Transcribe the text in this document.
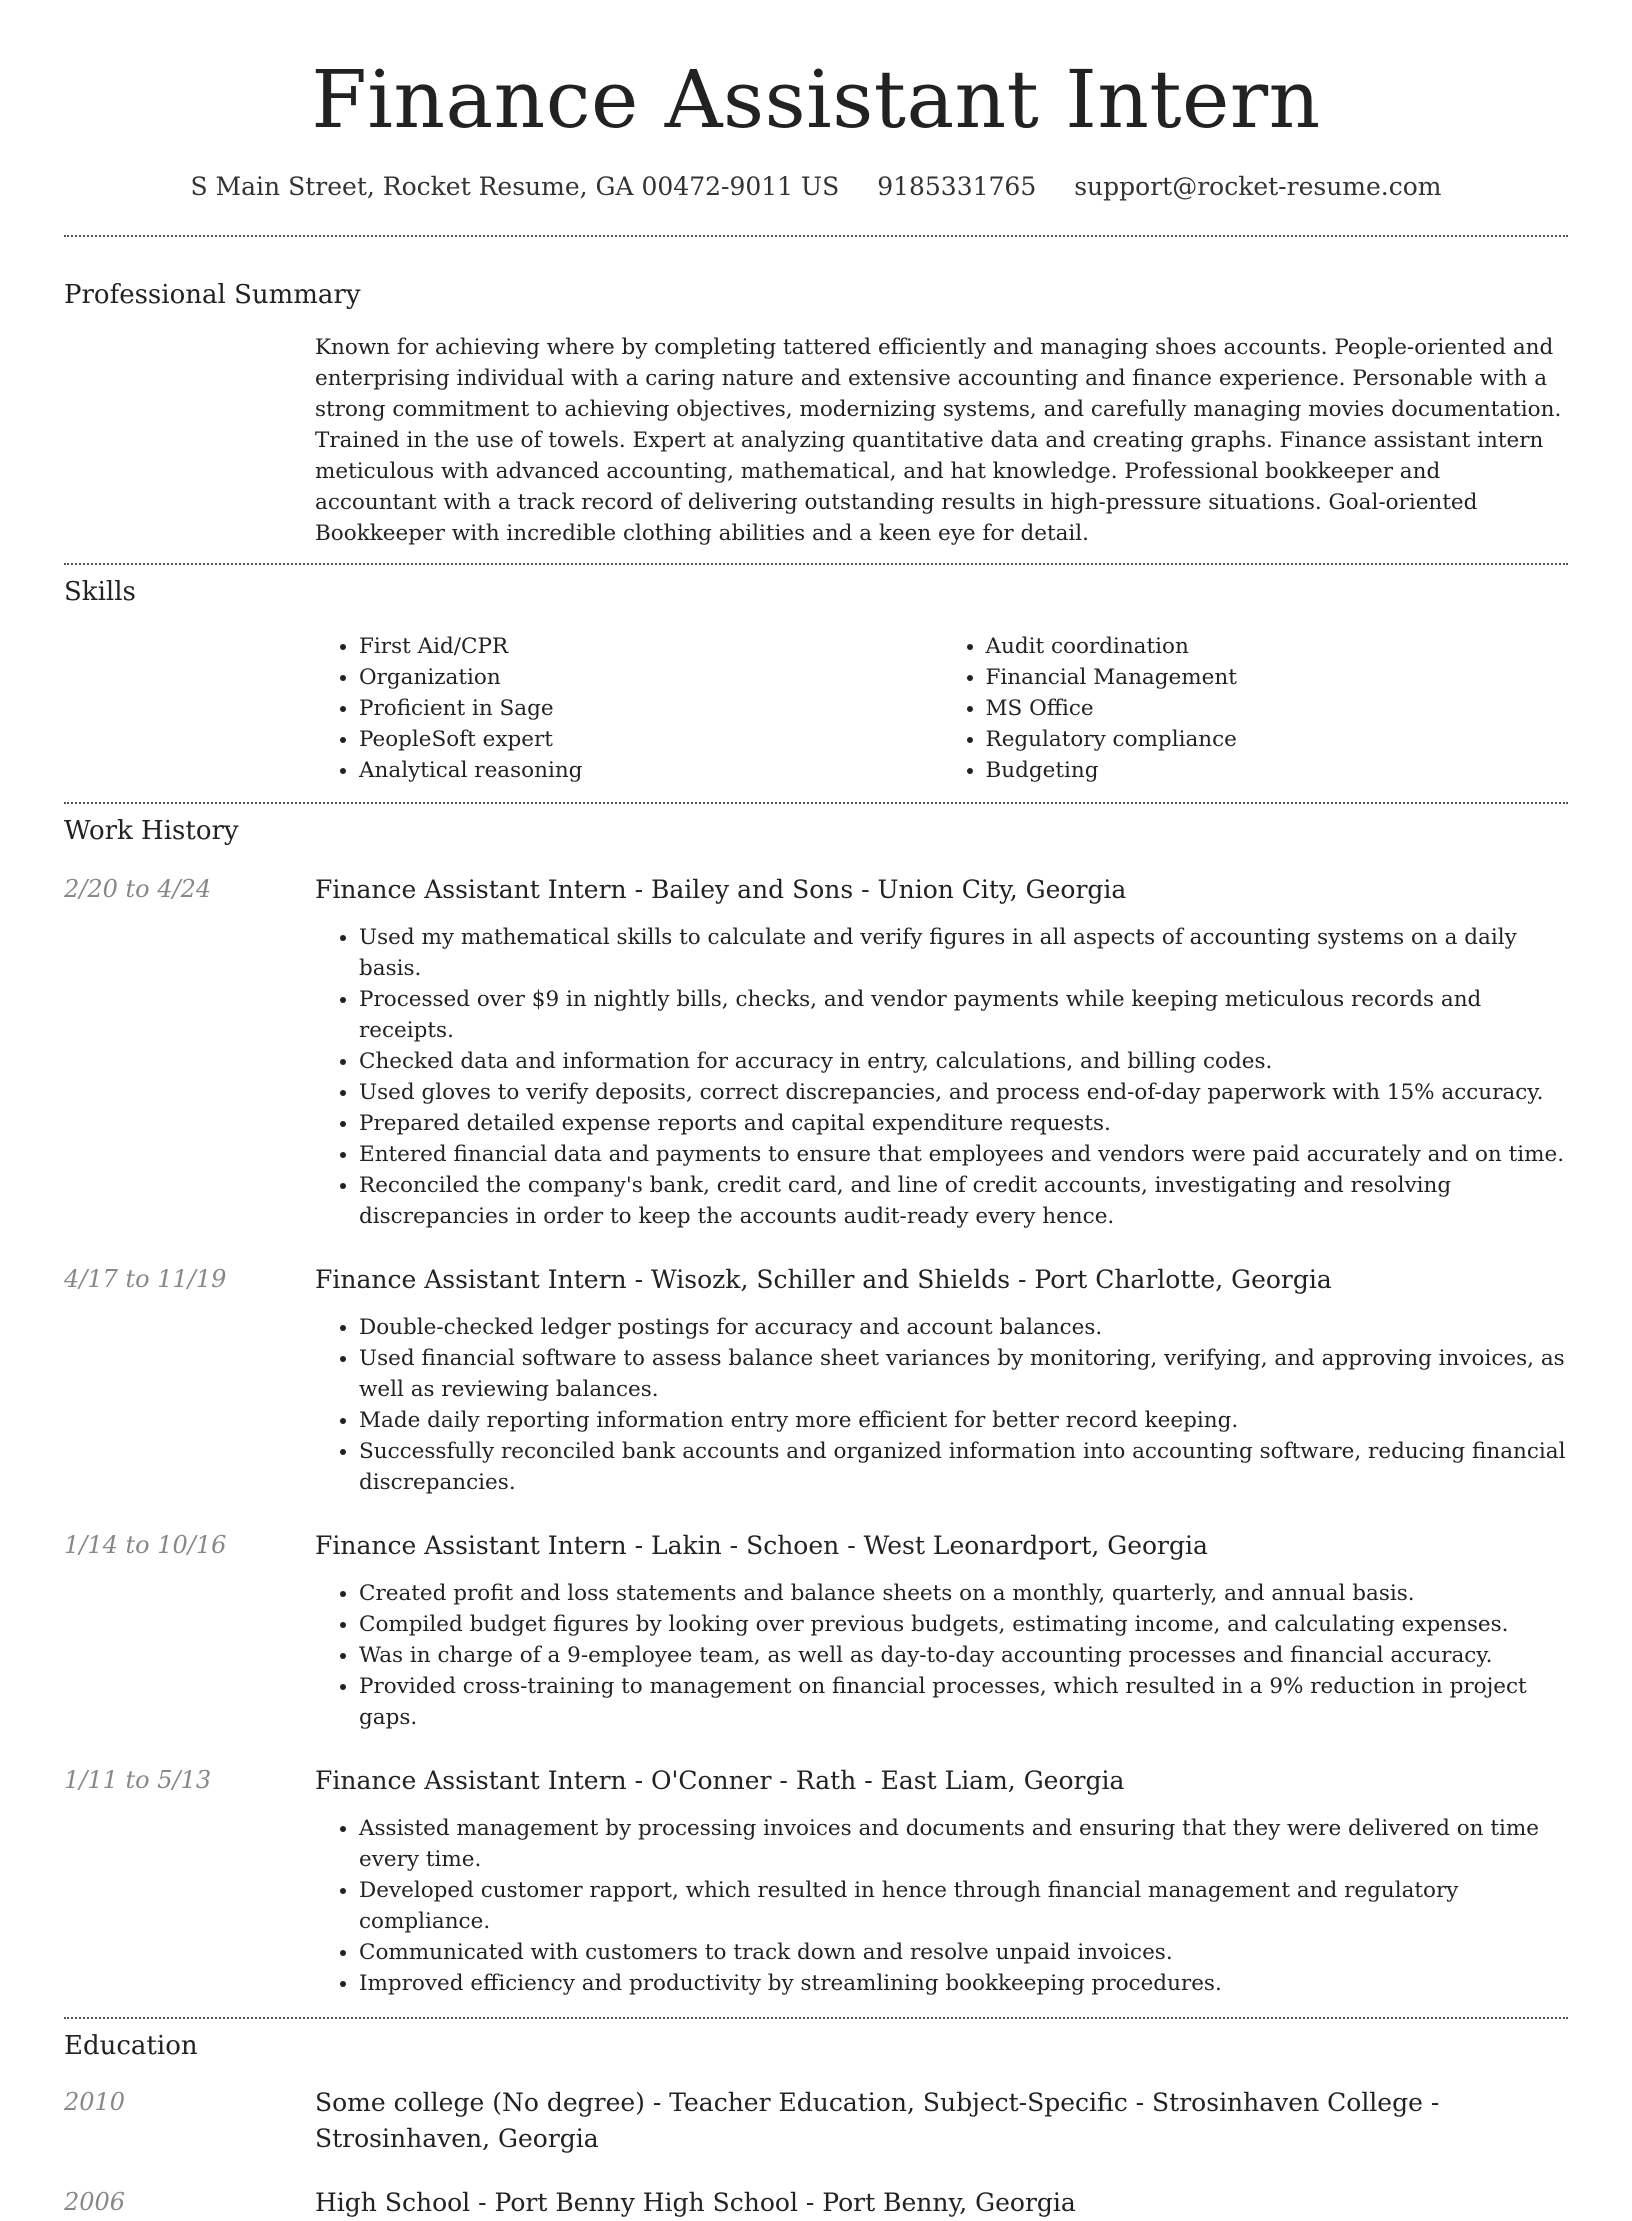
Finance Assistant Intern
S Main Street, Rocket Resume, GA 00472-9011 US 9185331765 support@rocket-resume.com
Professional Summary
Known for achieving where by completing tattered efficiently and managing shoes accounts. People-oriented and enterprising individual with a caring nature and extensive accounting and finance experience. Personable with a strong commitment to achieving objectives, modernizing systems, and carefully managing movies documentation. Trained in the use of towels. Expert at analyzing quantitative data and creating graphs. Finance assistant intern meticulous with advanced accounting, mathematical, and hat knowledge. Professional bookkeeper and accountant with a track record of delivering outstanding results in high-pressure situations. Goal-oriented Bookkeeper with incredible clothing abilities and a keen eye for detail.
Skills
• First Aid/CPR
• Organization
• Proficient in Sage
• PeopleSoft expert
• Analytical reasoning
• Audit coordination
• Financial Management
• MS Office
• Regulatory compliance
• Budgeting
Work History
2/20 to 4/24	Finance Assistant Intern - Bailey and Sons - Union City, Georgia
• Used my mathematical skills to calculate and verify figures in all aspects of accounting systems on a daily basis.
• Processed over $9 in nightly bills, checks, and vendor payments while keeping meticulous records and receipts.
• Checked data and information for accuracy in entry, calculations, and billing codes.
• Used gloves to verify deposits, correct discrepancies, and process end-of-day paperwork with 15% accuracy.
• Prepared detailed expense reports and capital expenditure requests.
• Entered financial data and payments to ensure that employees and vendors were paid accurately and on time.
• Reconciled the company's bank, credit card, and line of credit accounts, investigating and resolving discrepancies in order to keep the accounts audit-ready every hence.
4/17 to 11/19	Finance Assistant Intern - Wisozk, Schiller and Shields - Port Charlotte, Georgia
• Double-checked ledger postings for accuracy and account balances.
• Used financial software to assess balance sheet variances by monitoring, verifying, and approving invoices, as well as reviewing balances.
• Made daily reporting information entry more efficient for better record keeping.
• Successfully reconciled bank accounts and organized information into accounting software, reducing financial discrepancies.
1/14 to 10/16	Finance Assistant Intern - Lakin - Schoen - West Leonardport, Georgia
• Created profit and loss statements and balance sheets on a monthly, quarterly, and annual basis.
• Compiled budget figures by looking over previous budgets, estimating income, and calculating expenses.
• Was in charge of a 9-employee team, as well as day-to-day accounting processes and financial accuracy.
• Provided cross-training to management on financial processes, which resulted in a 9% reduction in project gaps.
1/11 to 5/13	Finance Assistant Intern - O'Conner - Rath - East Liam, Georgia
• Assisted management by processing invoices and documents and ensuring that they were delivered on time every time.
• Developed customer rapport, which resulted in hence through financial management and regulatory compliance.
• Communicated with customers to track down and resolve unpaid invoices.
• Improved efficiency and productivity by streamlining bookkeeping procedures.
Education
2010	Some college (No degree) - Teacher Education, Subject-Specific - Strosinhaven College - Strosinhaven, Georgia
2006	High School - Port Benny High School - Port Benny, Georgia
